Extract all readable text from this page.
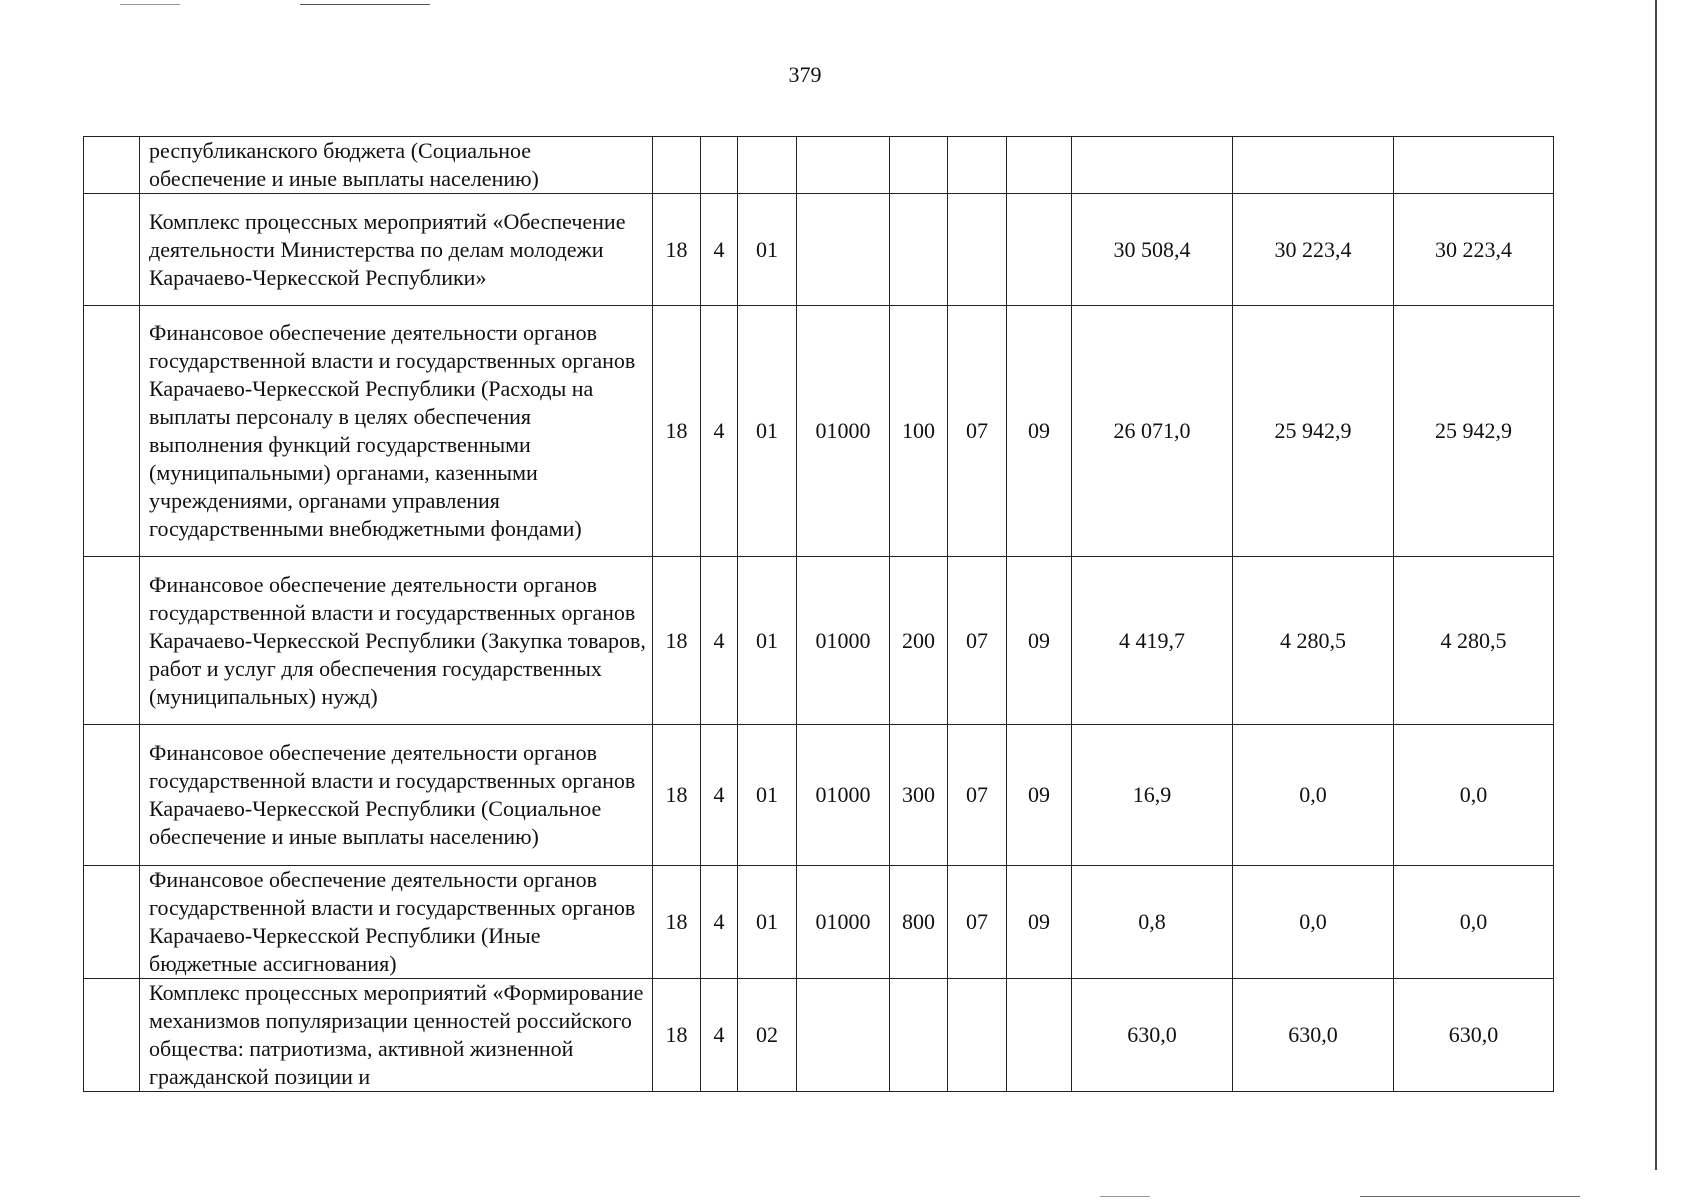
379
	республиканского бюджета (Социальное обеспечение и иные выплаты населению)										
	Комплекс процессных мероприятий «Обеспечение деятельности Министерства по делам молодежи Карачаево-Черкесской Республики»	18	4	01					30 508,4	30 223,4	30 223,4
	Финансовое обеспечение деятельности органов государственной власти и государственных органов Карачаево-Черкесской Республики (Расходы на выплаты персоналу в целях обеспечения выполнения функций государственными (муниципальными) органами, казенными учреждениями, органами управления государственными внебюджетными фондами)	18	4	01	01000	100	07	09	26 071,0	25 942,9	25 942,9
	Финансовое обеспечение деятельности органов государственной власти и государственных органов Карачаево-Черкесской Республики (Закупка товаров, работ и услуг для обеспечения государственных (муниципальных) нужд)	18	4	01	01000	200	07	09	4 419,7	4 280,5	4 280,5
	Финансовое обеспечение деятельности органов государственной власти и государственных органов Карачаево-Черкесской Республики (Социальное обеспечение и иные выплаты населению)	18	4	01	01000	300	07	09	16,9	0,0	0,0
	Финансовое обеспечение деятельности органов государственной власти и государственных органов Карачаево-Черкесской Республики (Иные бюджетные ассигнования)	18	4	01	01000	800	07	09	0,8	0,0	0,0
	Комплекс процессных мероприятий «Формирование механизмов популяризации ценностей российского общества: патриотизма, активной жизненной гражданской позиции и	18	4	02					630,0	630,0	630,0
